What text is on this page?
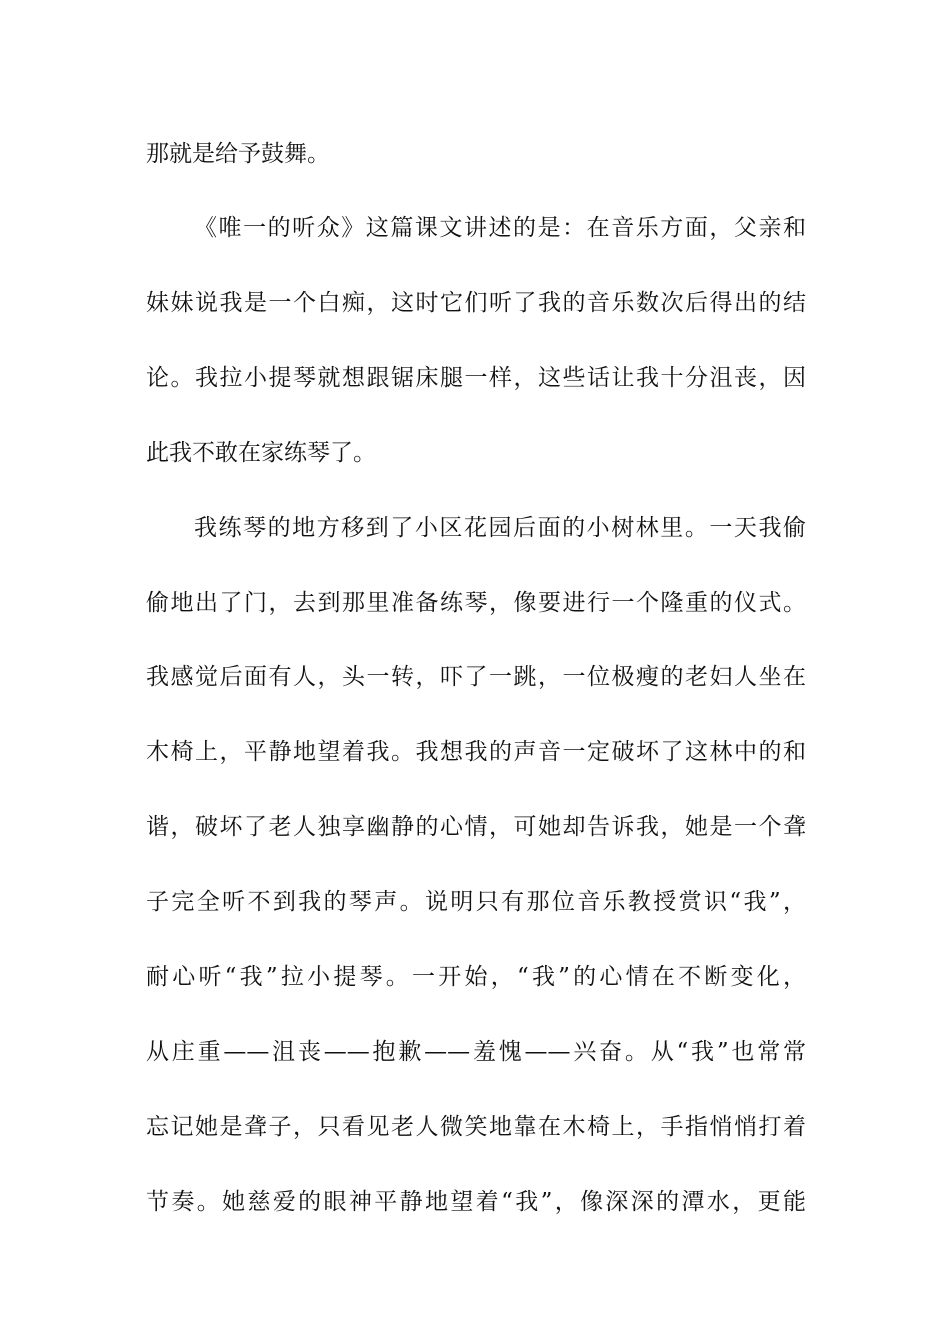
那就是给予鼓舞。
《唯一的听众》这篇课文讲述的是：在音乐方面，父亲和
妹妹说我是一个白痴，这时它们听了我的音乐数次后得出的结
论。我拉小提琴就想跟锯床腿一样，这些话让我十分沮丧，因
此我不敢在家练琴了。
我练琴的地方移到了小区花园后面的小树林里。一天我偷
偷地出了门，去到那里准备练琴，像要进行一个隆重的仪式。
我感觉后面有人，头一转，吓了一跳，一位极瘦的老妇人坐在
木椅上，平静地望着我。我想我的声音一定破坏了这林中的和
谐，破坏了老人独享幽静的心情，可她却告诉我，她是一个聋
子完全听不到我的琴声。说明只有那位音乐教授赏识“我”，
耐心听“我”拉小提琴。一开始，“我”的心情在不断变化，
从庄重——沮丧——抱歉——羞愧——兴奋。从“我”也常常
忘记她是聋子，只看见老人微笑地靠在木椅上，手指悄悄打着
节奏。她慈爱的眼神平静地望着“我”，像深深的潭水，更能
